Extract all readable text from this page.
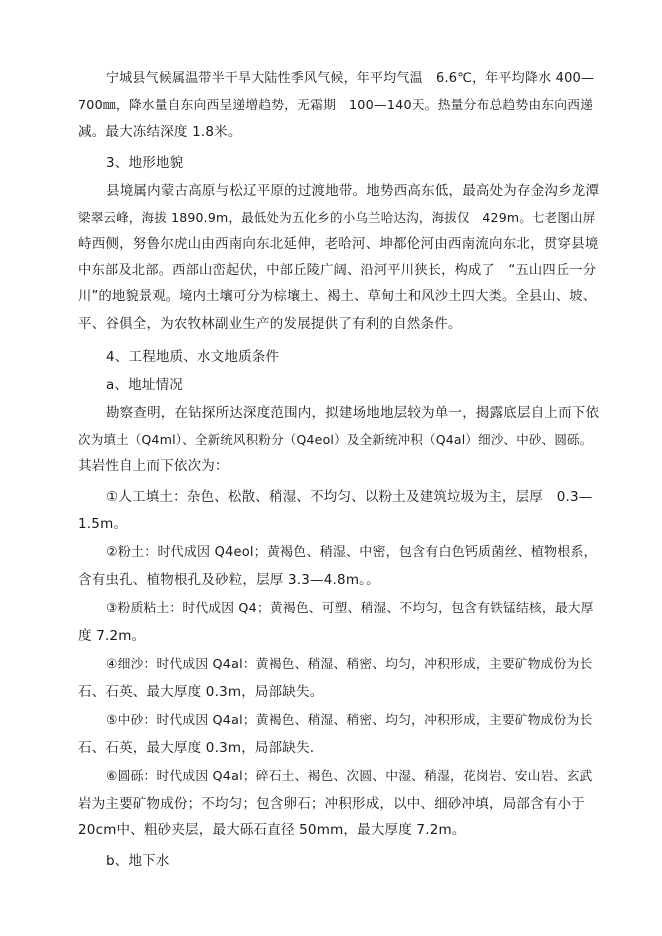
宁城县气候属温带半干旱大陆性季风气候，年平均气温　6.6℃，年平均降水 400—
700㎜，降水量自东向西呈递增趋势，无霜期　100—140天。热量分布总趋势由东向西递
减。最大冻结深度 1.8米。
3、地形地貌
县境属内蒙古高原与松辽平原的过渡地带。地势西高东低，最高处为存金沟乡龙潭
梁翠云峰，海拔 1890.9m，最低处为五化乡的小乌兰哈达沟，海拔仅　429m。七老图山屏
峙西侧，努鲁尔虎山由西南向东北延伸，老哈河、坤都伦河由西南流向东北，贯穿县境
中东部及北部。西部山峦起伏，中部丘陵广阔、沿河平川狭长，构成了　“五山四丘一分
川”的地貌景观。境内土壤可分为棕壤土、褐土、草甸土和风沙土四大类。全县山、坡、
平、谷俱全，为农牧林副业生产的发展提供了有利的自然条件。
4、工程地质、水文地质条件
a、地址情况
勘察查明，在钻探所达深度范围内，拟建场地地层较为单一，揭露底层自上而下依
次为填土（Q4ml）、全新统风积粉分（Q4eol）及全新统冲积（Q4al）细沙、中砂、圆砾。
其岩性自上而下依次为：
①人工填土：杂色、松散、稍湿、不均匀、以粉土及建筑垃圾为主，层厚　0.3—
1.5m。
②粉土：时代成因 Q4eol；黄褐色、稍湿、中密，包含有白色钙质菌丝、植物根系，
含有虫孔、植物根孔及砂粒，层厚 3.3—4.8m。。
③粉质粘土：时代成因 Q4；黄褐色、可塑、稍湿、不均匀，包含有铁锰结核，最大厚
度 7.2m。
④细沙：时代成因 Q4al：黄褐色、稍湿、稍密、均匀，冲积形成，主要矿物成份为长
石、石英、最大厚度 0.3m，局部缺失。
⑤中砂：时代成因 Q4al；黄褐色、稍湿、稍密、均匀，冲积形成，主要矿物成份为长
石、石英，最大厚度 0.3m，局部缺失.
⑥圆砾：时代成因 Q4al；碎石土、褐色、次圆、中湿、稍湿，花岗岩、安山岩、玄武
岩为主要矿物成份；不均匀；包含卵石；冲积形成，以中、细砂冲填，局部含有小于
20cm中、粗砂夹层，最大砾石直径 50mm，最大厚度 7.2m。
b、地下水
